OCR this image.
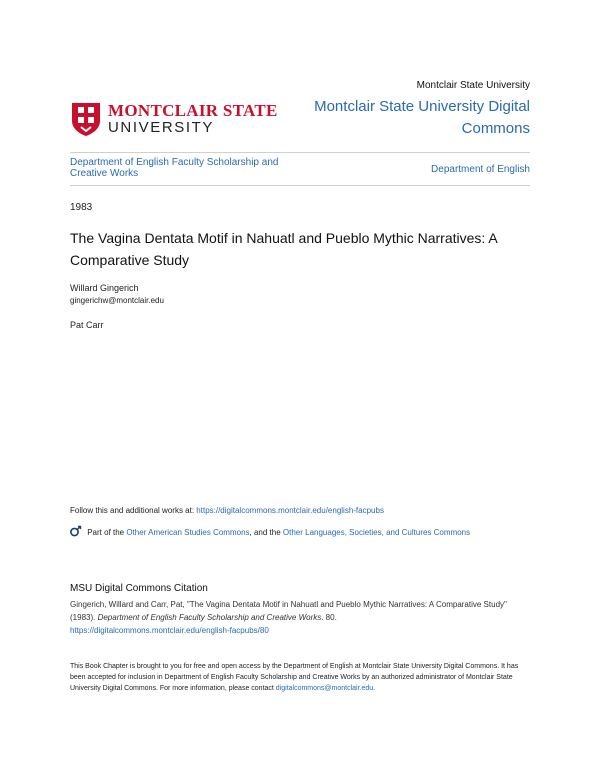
Montclair State University
MONTCLAIR STATE
UNIVERSITY
Montclair State University Digital Commons
Department of English Faculty Scholarship and Creative Works	Department of English
1983
The Vagina Dentata Motif in Nahuatl and Pueblo Mythic Narratives: A Comparative Study
Willard Gingerich
gingerichw@montclair.edu
Pat Carr
Follow this and additional works at: https://digitalcommons.montclair.edu/english-facpubs
Part of the Other American Studies Commons, and the Other Languages, Societies, and Cultures Commons
MSU Digital Commons Citation
Gingerich, Willard and Carr, Pat, "The Vagina Dentata Motif in Nahuatl and Pueblo Mythic Narratives: A Comparative Study" (1983). Department of English Faculty Scholarship and Creative Works. 80.
https://digitalcommons.montclair.edu/english-facpubs/80
This Book Chapter is brought to you for free and open access by the Department of English at Montclair State University Digital Commons. It has been accepted for inclusion in Department of English Faculty Scholarship and Creative Works by an authorized administrator of Montclair State University Digital Commons. For more information, please contact digitalcommons@montclair.edu.
